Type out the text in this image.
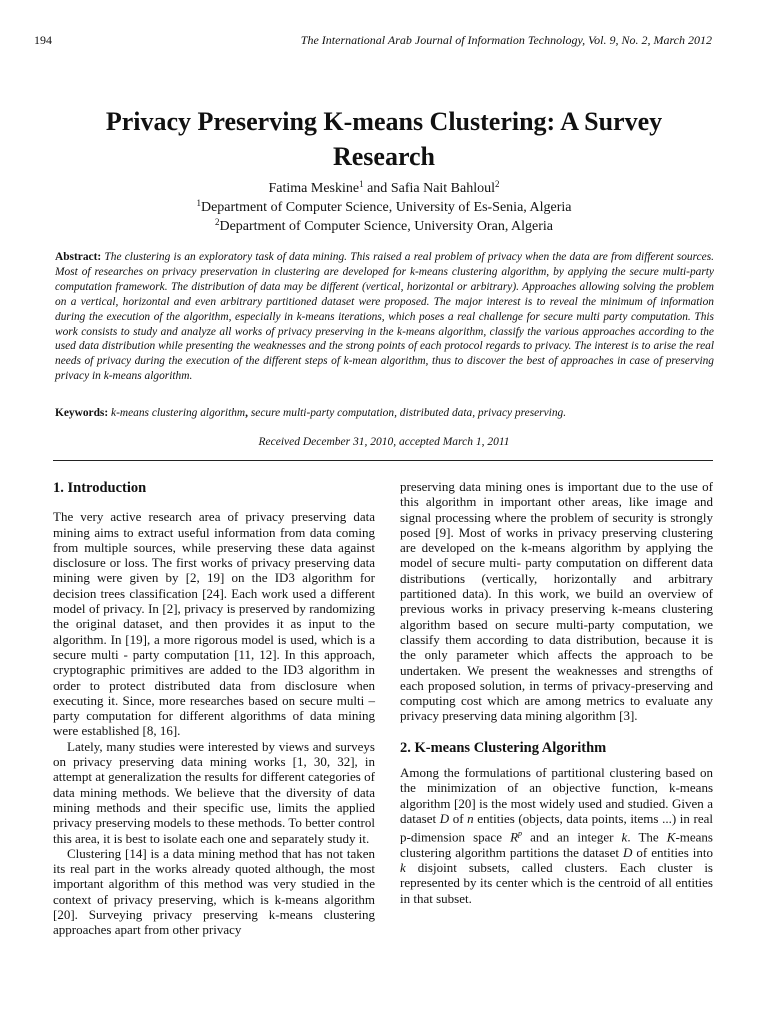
194	The International Arab Journal of Information Technology, Vol. 9, No. 2, March 2012
Privacy Preserving K-means Clustering: A Survey
Research
Fatima Meskine$^1$ and Safia Nait Bahloul$^2$
$^1$Department of Computer Science, University of Es-Senia, Algeria
$^2$Department of Computer Science, University Oran, Algeria
Abstract: The clustering is an exploratory task of data mining. This raised a real problem of privacy when the data are from different sources. Most of researches on privacy preservation in clustering are developed for k-means clustering algorithm, by applying the secure multi-party computation framework. The distribution of data may be different (vertical, horizontal or arbitrary). Approaches allowing solving the problem on a vertical, horizontal and even arbitrary partitioned dataset were proposed. The major interest is to reveal the minimum of information during the execution of the algorithm, especially in k-means iterations, which poses a real challenge for secure multi party computation. This work consists to study and analyze all works of privacy preserving in the k-means algorithm, classify the various approaches according to the used data distribution while presenting the weaknesses and the strong points of each protocol regards to privacy. The interest is to arise the real needs of privacy during the execution of the different steps of k-mean algorithm, thus to discover the best of approaches in case of preserving privacy in k-means algorithm.
Keywords: k-means clustering algorithm, secure multi-party computation, distributed data, privacy preserving.
Received December 31, 2010, accepted March 1, 2011
1. Introduction

The very active research area of privacy preserving data mining aims to extract useful information from data coming from multiple sources, while preserving these data against disclosure or loss. The first works of privacy preserving data mining were given by [2, 19] on the ID3 algorithm for decision trees classification [24]. Each work used a different model of privacy. In [2], privacy is preserved by randomizing the original dataset, and then provides it as input to the algorithm. In [19], a more rigorous model is used, which is a secure multi - party computation [11, 12]. In this approach, cryptographic primitives are added to the ID3 algorithm in order to protect distributed data from disclosure when executing it. Since, more researches based on secure multi –party computation for different algorithms of data mining were established [8, 16].

Lately, many studies were interested by views and surveys on privacy preserving data mining works [1, 30, 32], in attempt at generalization the results for different categories of data mining methods. We believe that the diversity of data mining methods and their specific use, limits the applied privacy preserving models to these methods. To better control this area, it is best to isolate each one and separately study it.

Clustering [14] is a data mining method that has not taken its real part in the works already quoted although, the most important algorithm of this method was very studied in the context of privacy preserving, which is k-means algorithm [20]. Surveying privacy preserving k-means clustering approaches apart from other privacy

preserving data mining ones is important due to the use of this algorithm in important other areas, like image and signal processing where the problem of security is strongly posed [9]. Most of works in privacy preserving clustering are developed on the k-means algorithm by applying the model of secure multi- party computation on different data distributions (vertically, horizontally and arbitrary partitioned data). In this work, we build an overview of previous works in privacy preserving k-means clustering algorithm based on secure multi-party computation, we classify them according to data distribution, because it is the only parameter which affects the approach to be undertaken. We present the weaknesses and strengths of each proposed solution, in terms of privacy-preserving and computing cost which are among metrics to evaluate any privacy preserving data mining algorithm [3].

2. K-means Clustering Algorithm

Among the formulations of partitional clustering based on the minimization of an objective function, k-means algorithm [20] is the most widely used and studied. Given a dataset D of n entities (objects, data points, items ...) in real p-dimension space $R^p$ and an integer k. The K-means clustering algorithm partitions the dataset D of entities into k disjoint subsets, called clusters. Each cluster is represented by its center which is the centroid of all entities in that subset.
